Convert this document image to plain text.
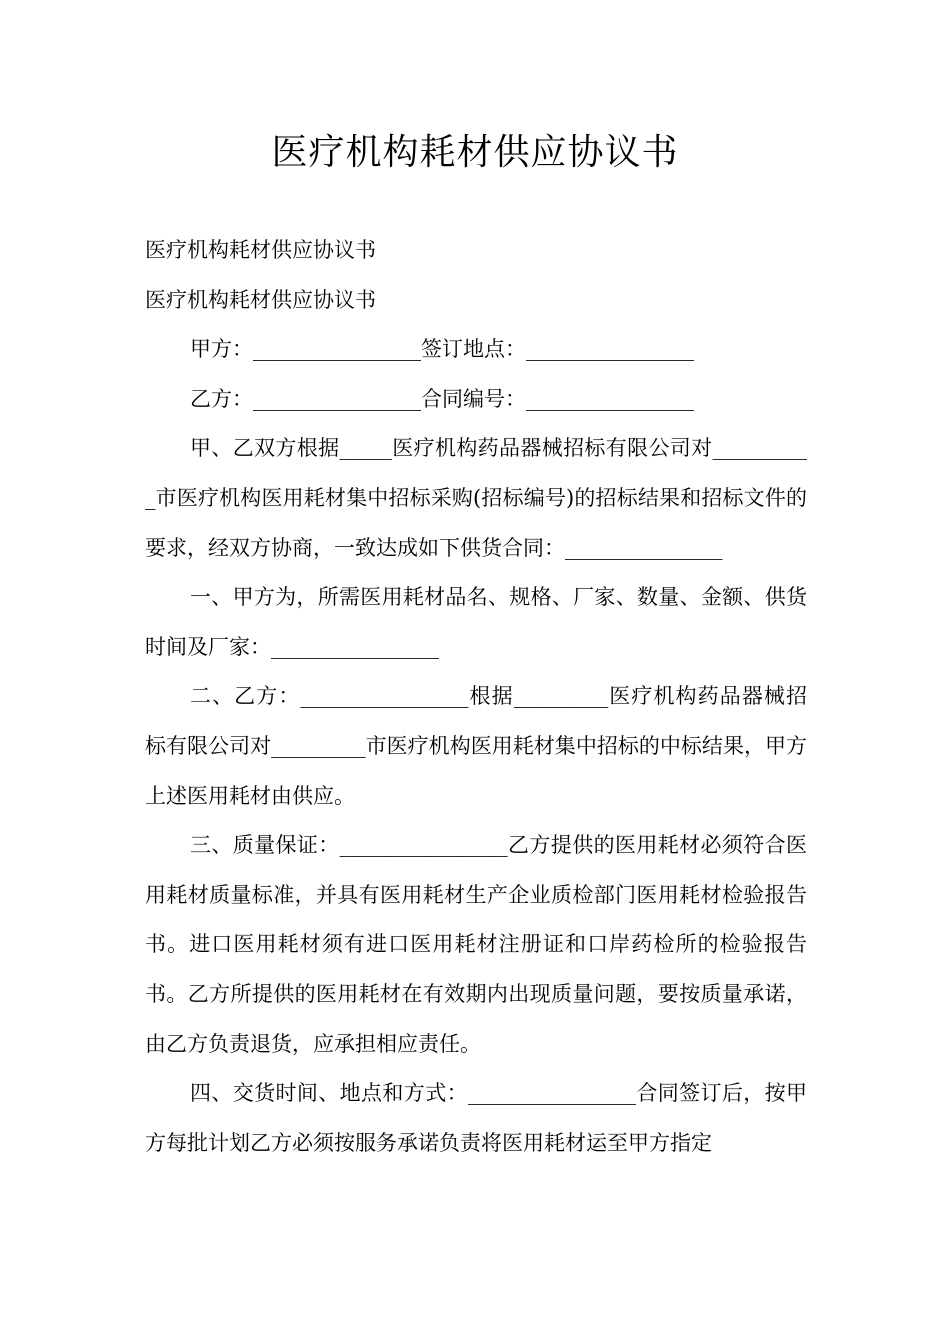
医疗机构耗材供应协议书

医疗机构耗材供应协议书

医疗机构耗材供应协议书

甲方：________________签订地点：________________

乙方：________________合同编号：________________

甲、乙双方根据_____医疗机构药品器械招标有限公司对__________市医疗机构医用耗材集中招标采购(招标编号)的招标结果和招标文件的要求，经双方协商，一致达成如下供货合同：_______________

一、甲方为，所需医用耗材品名、规格、厂家、数量、金额、供货时间及厂家：________________

二、乙方：________________根据_________医疗机构药品器械招标有限公司对_________市医疗机构医用耗材集中招标的中标结果，甲方上述医用耗材由供应。

三、质量保证：________________乙方提供的医用耗材必须符合医用耗材质量标准，并具有医用耗材生产企业质检部门医用耗材检验报告书。进口医用耗材须有进口医用耗材注册证和口岸药检所的检验报告书。乙方所提供的医用耗材在有效期内出现质量问题，要按质量承诺，由乙方负责退货，应承担相应责任。

四、交货时间、地点和方式：________________合同签订后，按甲方每批计划乙方必须按服务承诺负责将医用耗材运至甲方指定
